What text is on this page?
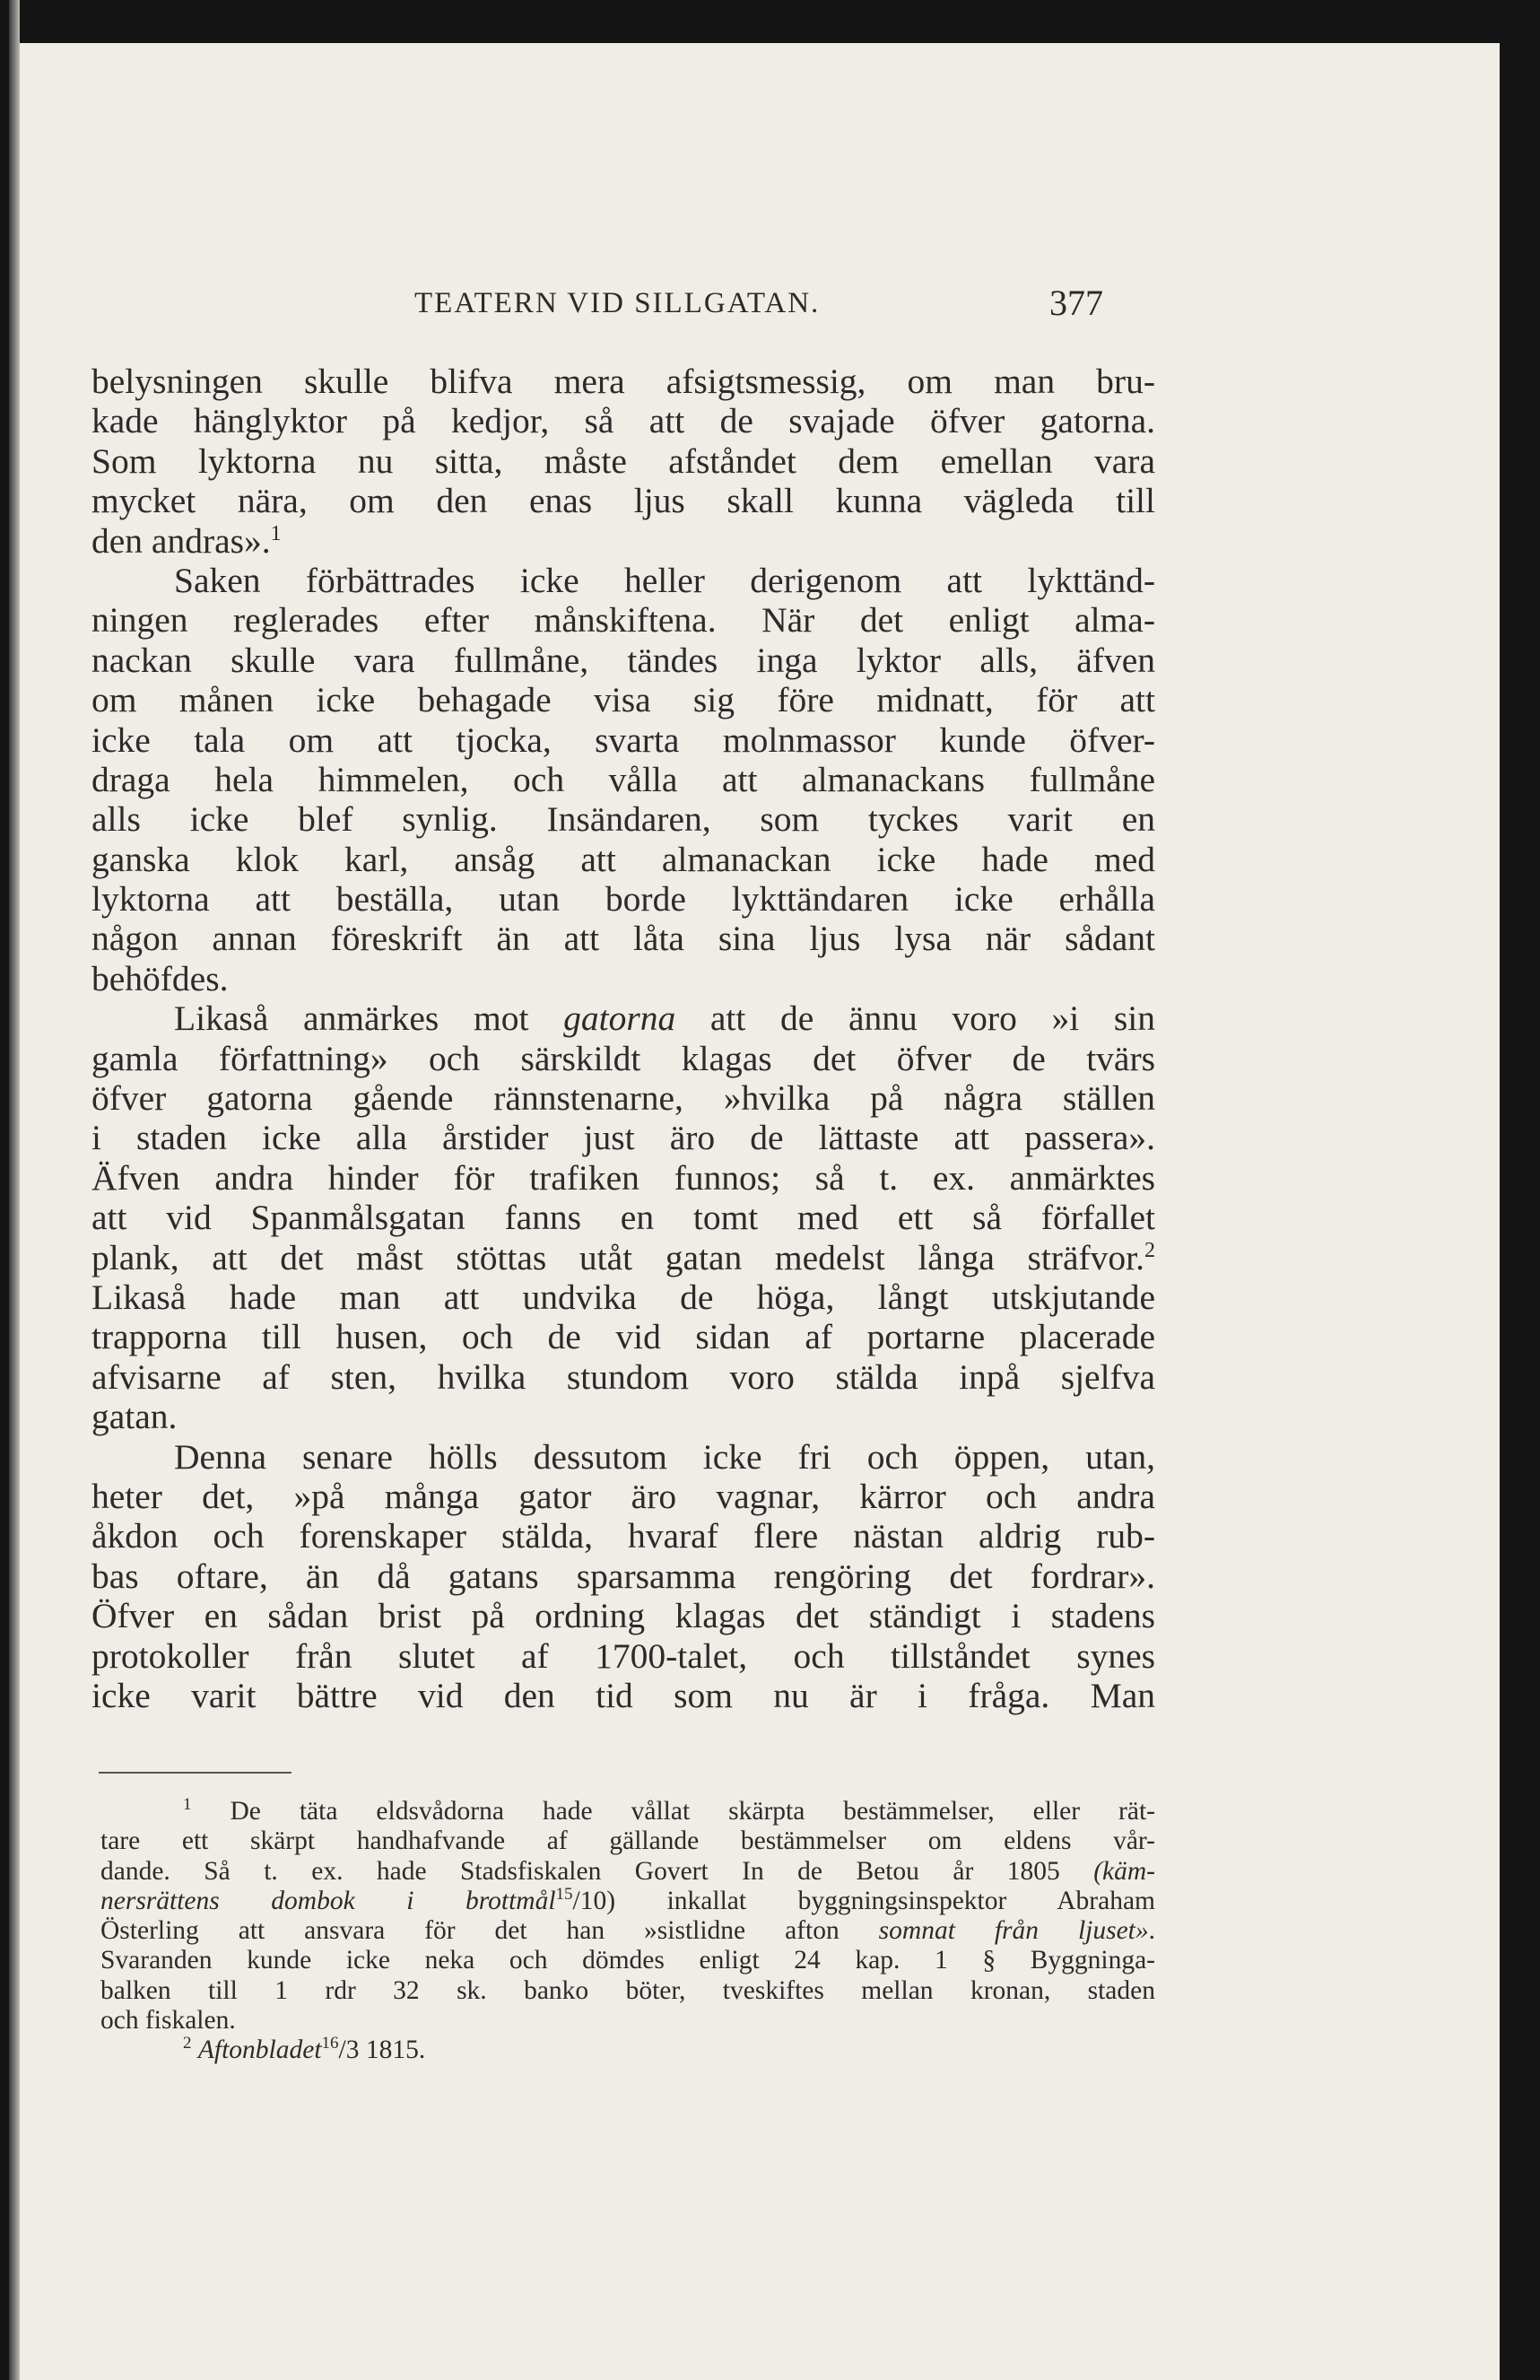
TEATERN VID SILLGATAN.	377
belysningen skulle blifva mera afsigtsmessig, om man bru-
kade hänglyktor på kedjor, så att de svajade öfver gatorna.
Som lyktorna nu sitta, måste afståndet dem emellan vara
mycket nära, om den enas ljus skall kunna vägleda till
den andras».$^1$
Saken förbättrades icke heller derigenom att lykttänd-
ningen reglerades efter månskiftena. När det enligt alma-
nackan skulle vara fullmåne, tändes inga lyktor alls, äfven
om månen icke behagade visa sig före midnatt, för att
icke tala om att tjocka, svarta molnmassor kunde öfver-
draga hela himmelen, och vålla att almanackans fullmåne
alls icke blef synlig. Insändaren, som tyckes varit en
ganska klok karl, ansåg att almanackan icke hade med
lyktorna att beställa, utan borde lykttändaren icke erhålla
någon annan föreskrift än att låta sina ljus lysa när sådant
behöfdes.
Likaså anmärkes mot gatorna att de ännu voro »i sin
gamla författning» och särskildt klagas det öfver de tvärs
öfver gatorna gående rännstenarne, »hvilka på några ställen
i staden icke alla årstider just äro de lättaste att passera».
Äfven andra hinder för trafiken funnos; så t. ex. anmärktes
att vid Spanmålsgatan fanns en tomt med ett så förfallet
plank, att det måst stöttas utåt gatan medelst långa sträfvor.$^2$
Likaså hade man att undvika de höga, långt utskjutande
trapporna till husen, och de vid sidan af portarne placerade
afvisarne af sten, hvilka stundom voro stälda inpå sjelfva
gatan.
Denna senare hölls dessutom icke fri och öppen, utan,
heter det, »på många gator äro vagnar, kärror och andra
åkdon och forenskaper stälda, hvaraf flere nästan aldrig rub-
bas oftare, än då gatans sparsamma rengöring det fordrar».
Öfver en sådan brist på ordning klagas det ständigt i stadens
protokoller från slutet af 1700-talet, och tillståndet synes
icke varit bättre vid den tid som nu är i fråga. Man
$^1$ De täta eldsvådorna hade vållat skärpta bestämmelser, eller rät-
tare ett skärpt handhafvande af gällande bestämmelser om eldens vår-
dande. Så t. ex. hade Stadsfiskalen Govert In de Betou år 1805 (käm-
nersrättens dombok i brottmål$^{15}$/10) inkallat byggningsinspektor Abraham
Österling att ansvara för det han »sistlidne afton somnat från ljuset».
Svaranden kunde icke neka och dömdes enligt 24 kap. 1 § Byggninga-
balken till 1 rdr 32 sk. banko böter, tveskiftes mellan kronan, staden
och fiskalen.
$^2$ Aftonbladet$^{16}$/3 1815.
